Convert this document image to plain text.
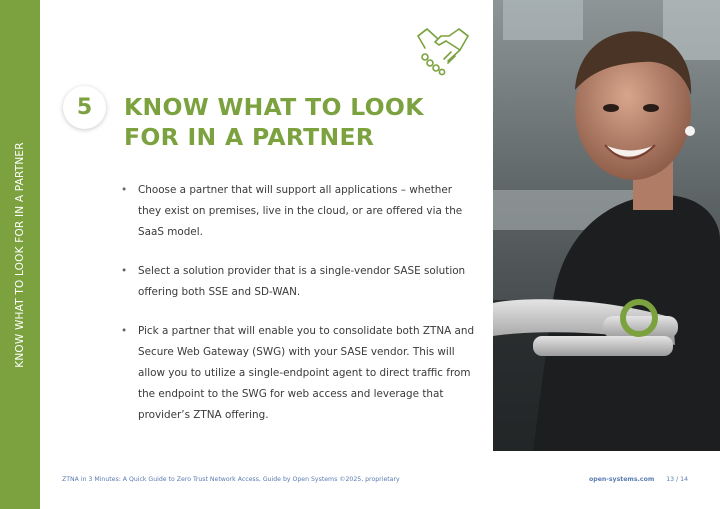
KNOW WHAT TO LOOK FOR IN A PARTNER
5	KNOW WHAT TO LOOK
FOR IN A PARTNER
• Choose a partner that will support all applications – whether they exist on premises, live in the cloud, or are offered via the SaaS model.
• Select a solution provider that is a single-vendor SASE solution offering both SSE and SD-WAN.
• Pick a partner that will enable you to consolidate both ZTNA and Secure Web Gateway (SWG) with your SASE vendor. This will allow you to utilize a single-endpoint agent to direct traffic from the endpoint to the SWG for web access and leverage that provider’s ZTNA offering.
ZTNA in 3 Minutes: A Quick Guide to Zero Trust Network Access, Guide by Open Systems ©2025, proprietary	open-systems.com 13 / 14
